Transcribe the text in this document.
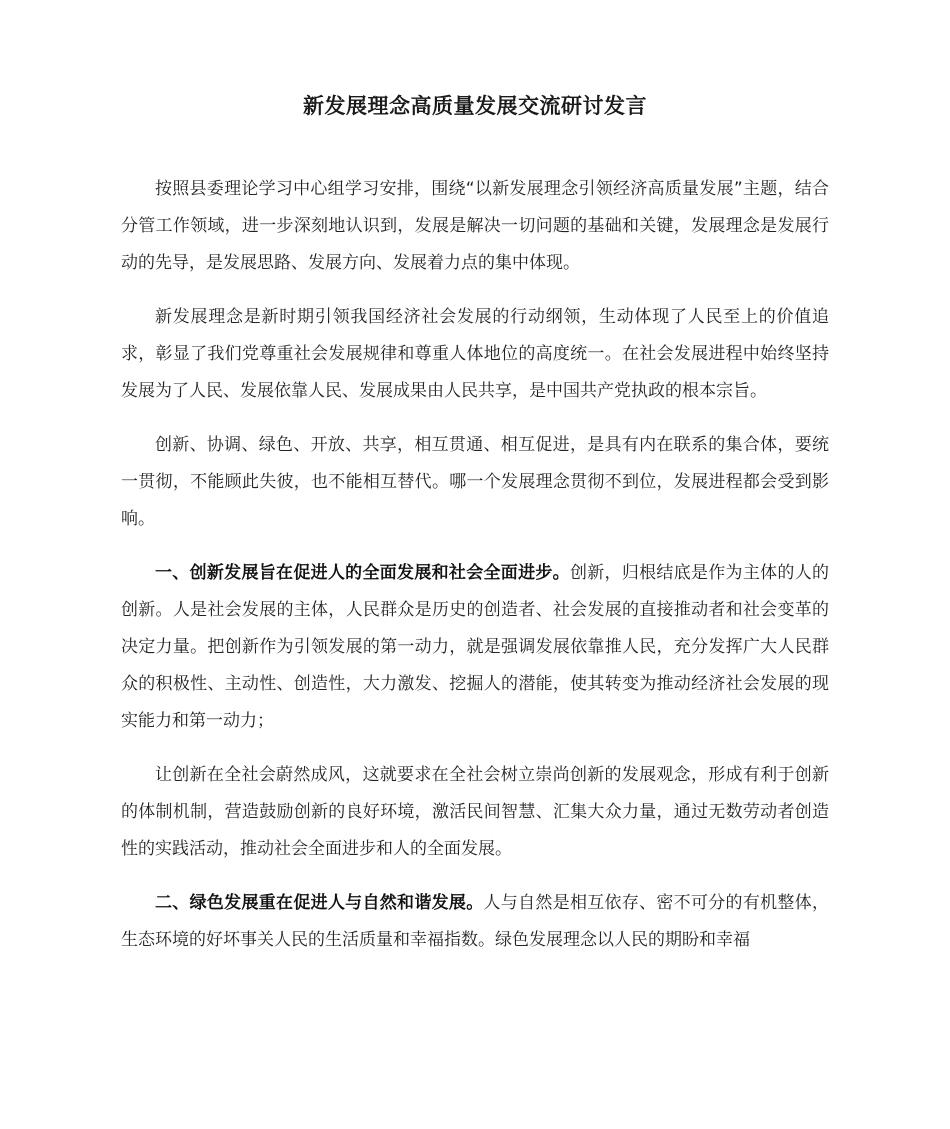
新发展理念高质量发展交流研讨发言

按照县委理论学习中心组学习安排，围绕“以新发展理念引领经济高质量发展”主题，结合分管工作领域，进一步深刻地认识到，发展是解决一切问题的基础和关键，发展理念是发展行动的先导，是发展思路、发展方向、发展着力点的集中体现。

新发展理念是新时期引领我国经济社会发展的行动纲领，生动体现了人民至上的价值追求，彰显了我们党尊重社会发展规律和尊重人体地位的高度统一。在社会发展进程中始终坚持发展为了人民、发展依靠人民、发展成果由人民共享，是中国共产党执政的根本宗旨。

创新、协调、绿色、开放、共享，相互贯通、相互促进，是具有内在联系的集合体，要统一贯彻，不能顾此失彼，也不能相互替代。哪一个发展理念贯彻不到位，发展进程都会受到影响。

一、创新发展旨在促进人的全面发展和社会全面进步。创新，归根结底是作为主体的人的创新。人是社会发展的主体，人民群众是历史的创造者、社会发展的直接推动者和社会变革的决定力量。把创新作为引领发展的第一动力，就是强调发展依靠推人民，充分发挥广大人民群众的积极性、主动性、创造性，大力激发、挖掘人的潜能，使其转变为推动经济社会发展的现实能力和第一动力；

让创新在全社会蔚然成风，这就要求在全社会树立崇尚创新的发展观念，形成有利于创新的体制机制，营造鼓励创新的良好环境，激活民间智慧、汇集大众力量，通过无数劳动者创造性的实践活动，推动社会全面进步和人的全面发展。

二、绿色发展重在促进人与自然和谐发展。人与自然是相互依存、密不可分的有机整体，生态环境的好坏事关人民的生活质量和幸福指数。绿色发展理念以人民的期盼和幸福
